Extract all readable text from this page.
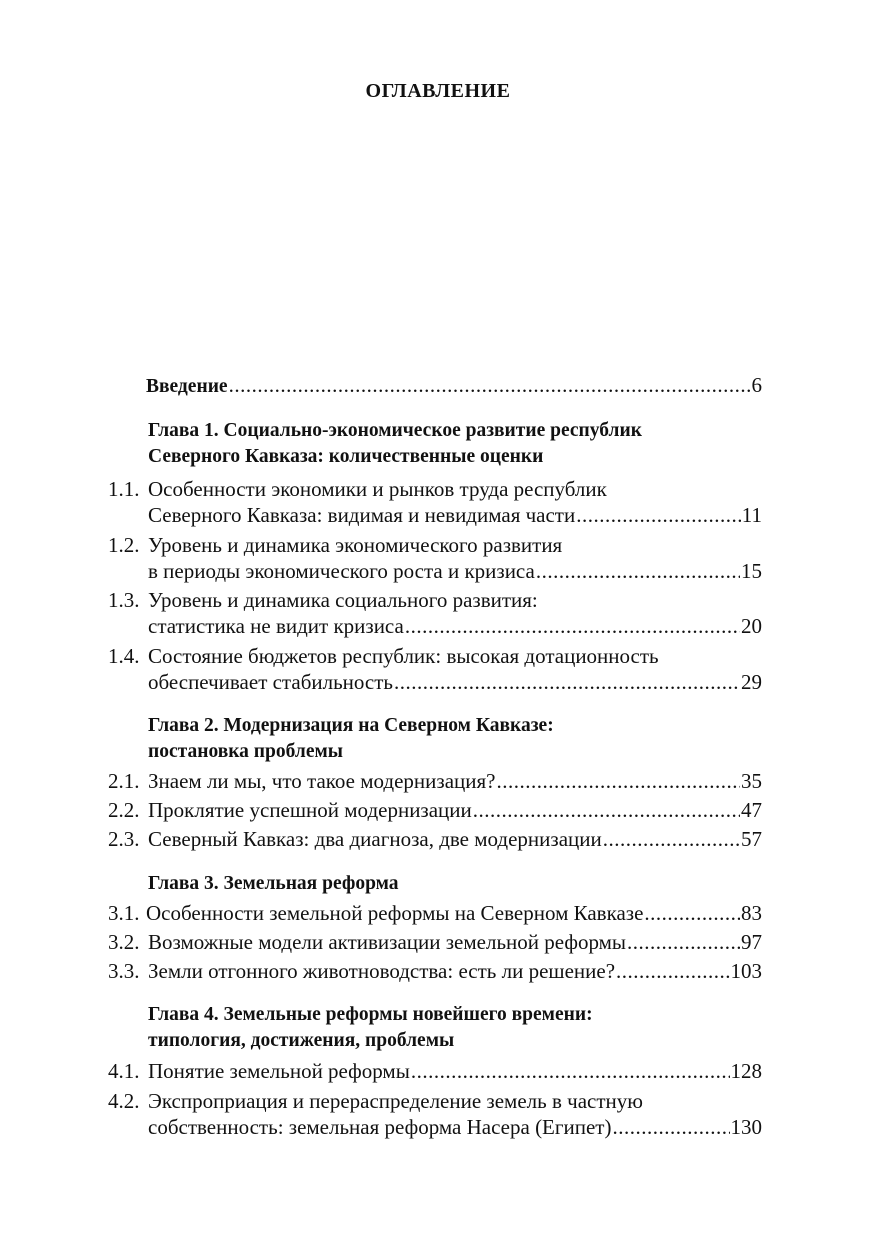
ОГЛАВЛЕНИЕ
Введение .....	6
Глава 1. Социально-экономическое развитие республик
Северного Кавказа: количественные оценки
1.1. Особенности экономики и рынков труда республик
Северного Кавказа: видимая и невидимая части .....	11
1.2. Уровень и динамика экономического развития
в периоды экономического роста и кризиса .....	15
1.3. Уровень и динамика социального развития:
статистика не видит кризиса .....	20
1.4. Состояние бюджетов республик: высокая дотационность
обеспечивает стабильность .....	29
Глава 2. Модернизация на Северном Кавказе:
постановка проблемы
2.1. Знаем ли мы, что такое модернизация? .....	35
2.2. Проклятие успешной модернизации .....	47
2.3. Северный Кавказ: два диагноза, две модернизации .....	57
Глава 3. Земельная реформа
3.1. Особенности земельной реформы на Северном Кавказе .....	83
3.2. Возможные модели активизации земельной реформы .....	97
3.3. Земли отгонного животноводства: есть ли решение? .....	103
Глава 4. Земельные реформы новейшего времени:
типология, достижения, проблемы
4.1. Понятие земельной реформы .....	128
4.2. Экспроприация и перераспределение земель в частную
собственность: земельная реформа Насера (Египет) .....	130
